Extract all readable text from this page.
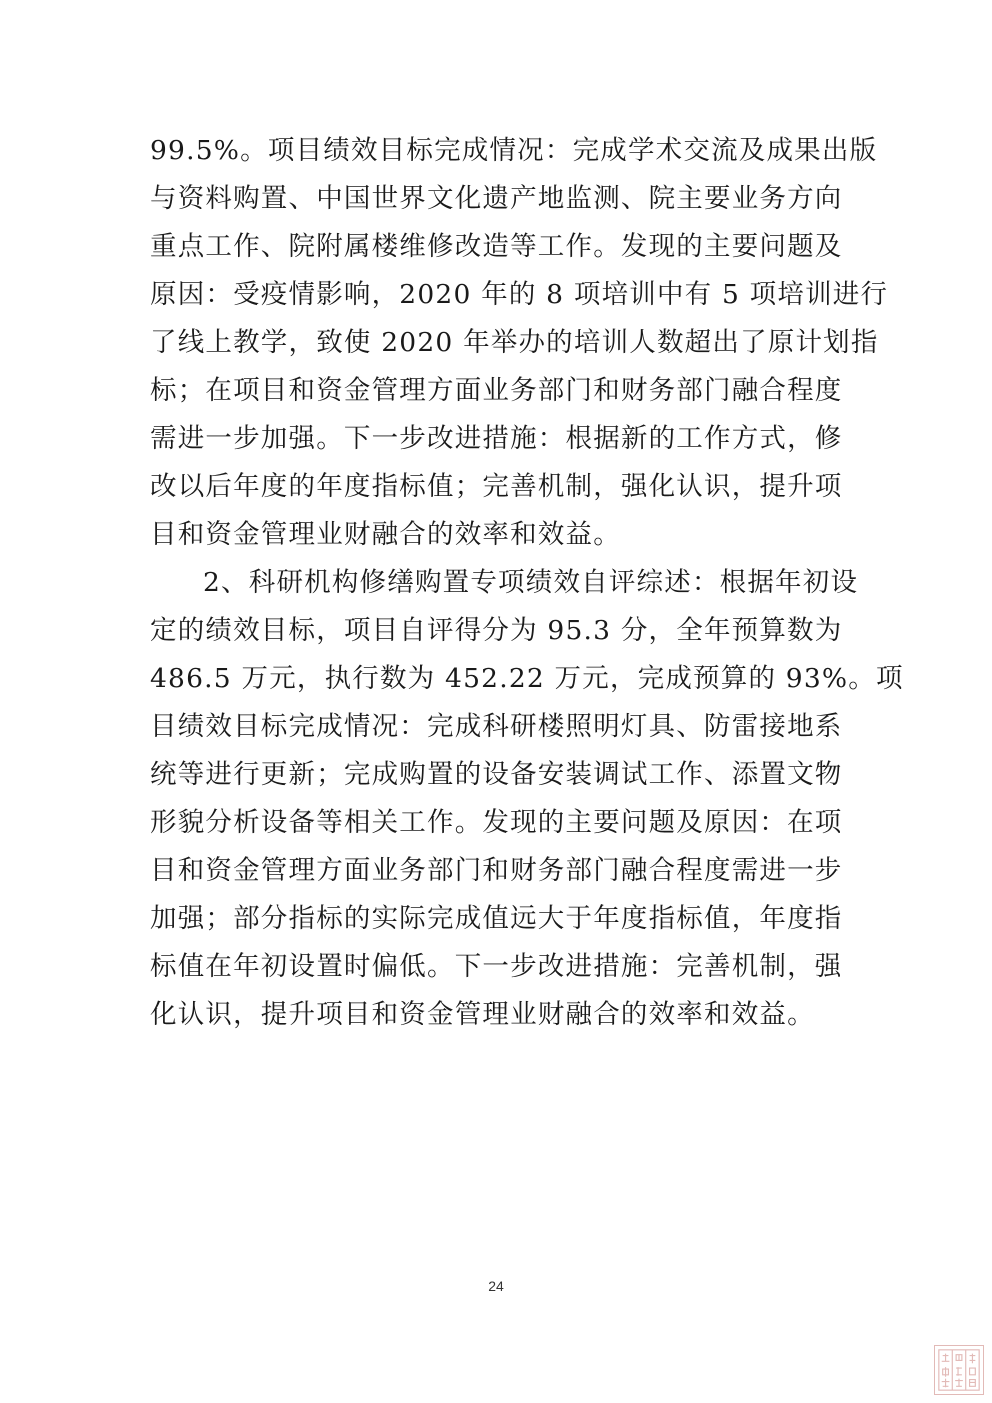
99.5%。项目绩效目标完成情况：完成学术交流及成果出版
与资料购置、中国世界文化遗产地监测、院主要业务方向
重点工作、院附属楼维修改造等工作。发现的主要问题及
原因：受疫情影响，2020 年的 8 项培训中有 5 项培训进行
了线上教学，致使 2020 年举办的培训人数超出了原计划指
标；在项目和资金管理方面业务部门和财务部门融合程度
需进一步加强。下一步改进措施：根据新的工作方式，修
改以后年度的年度指标值；完善机制，强化认识，提升项
目和资金管理业财融合的效率和效益。
2、科研机构修缮购置专项绩效自评综述：根据年初设
定的绩效目标，项目自评得分为 95.3 分，全年预算数为
486.5 万元，执行数为 452.22 万元，完成预算的 93%。项
目绩效目标完成情况：完成科研楼照明灯具、防雷接地系
统等进行更新；完成购置的设备安装调试工作、添置文物
形貌分析设备等相关工作。发现的主要问题及原因：在项
目和资金管理方面业务部门和财务部门融合程度需进一步
加强；部分指标的实际完成值远大于年度指标值，年度指
标值在年初设置时偏低。下一步改进措施：完善机制，强
化认识，提升项目和资金管理业财融合的效率和效益。
24
